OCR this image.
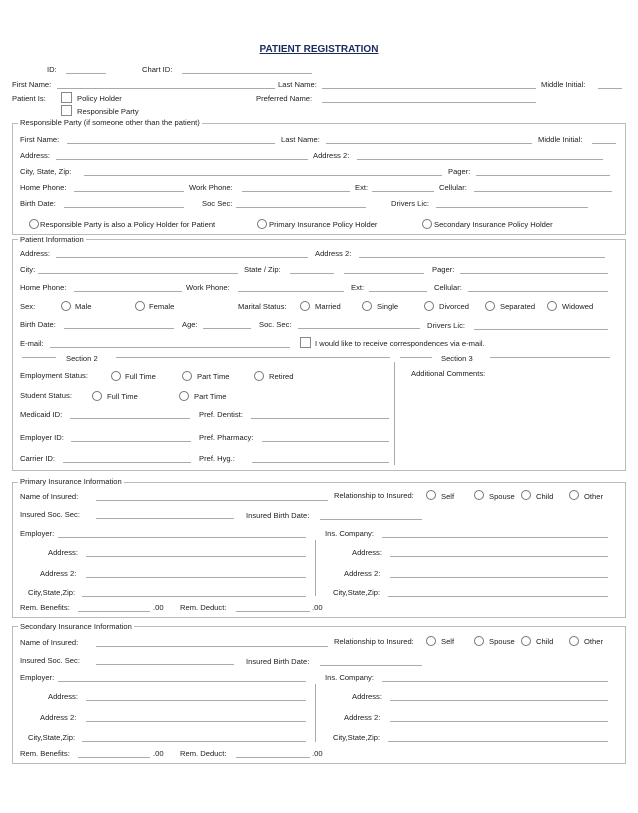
PATIENT REGISTRATION
ID:	Chart ID:
First Name:	Last Name:	Middle Initial:
Patient Is:	Policy Holder
Responsible Party
Preferred Name:
Responsible Party (if someone other than the patient)
First Name:	Last Name:	Middle Initial:
Address:	Address 2:
City, State, Zip:	Pager:
Home Phone:	Work Phone:	Ext:	Cellular:
Birth Date:	Soc Sec:	Drivers Lic:
Responsible Party is also a Policy Holder for Patient	Primary Insurance Policy Holder	Secondary Insurance Policy Holder
Patient Information
Address:	Address 2:
City:	State / Zip:	Pager:
Home Phone:	Work Phone:	Ext:	Cellular:
Sex:	Male	Female	Marital Status:	Married	Single	Divorced	Separated	Widowed
Birth Date:	Age:	Soc. Sec:	Drivers Lic:
E-mail:	I would like to receive correspondences via e-mail.
Section 2	Section 3
Employment Status:	Full Time	Part Time	Retired	Additional Comments:
Student Status:	Full Time	Part Time
Medicaid ID:	Pref. Dentist:
Employer ID:	Pref. Pharmacy:
Carrier ID:	Pref. Hyg.:
Primary Insurance Information
Name of Insured:	Relationship to Insured:	Self	Spouse	Child	Other
Insured Soc. Sec:	Insured Birth Date:
Employer:	Ins. Company:
Address:	Address:
Address 2:	Address 2:
City,State,Zip:	City,State,Zip:
Rem. Benefits:	.00 Rem. Deduct:	.00
Secondary Insurance Information
Name of Insured:	Relationship to Insured:	Self	Spouse	Child	Other
Insured Soc. Sec:	Insured Birth Date:
Employer:	Ins. Company:
Address:	Address:
Address 2:	Address 2:
City,State,Zip:	City,State,Zip:
Rem. Benefits:	.00 Rem. Deduct:	.00
